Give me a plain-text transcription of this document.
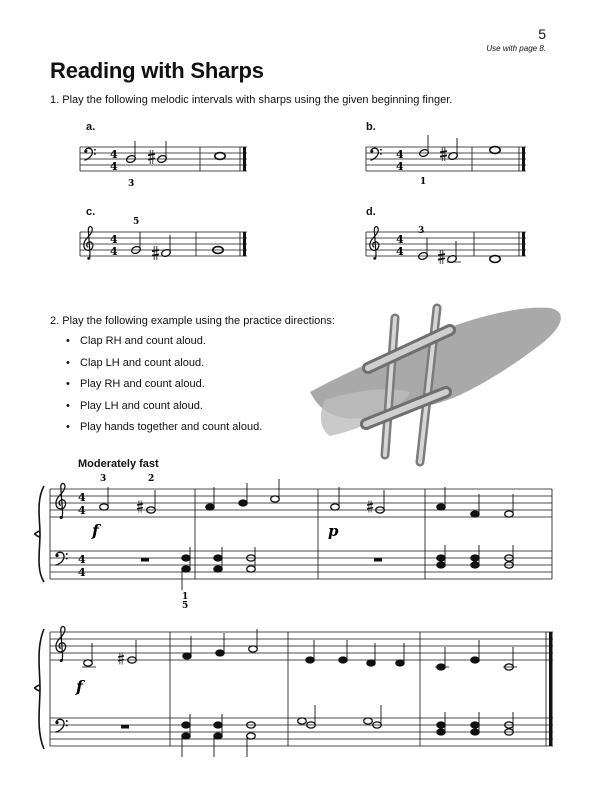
5
Use with page 8.
Reading with Sharps
1. Play the following melodic intervals with sharps using the given beginning finger.
a.	b.
c.	d.
2. Play the following example using the practice directions:
• Clap RH and count aloud.
• Clap LH and count aloud.
• Play RH and count aloud.
• Play LH and count aloud.
• Play hands together and count aloud.
Moderately fast
4
4
3
4
4
1
4
4
5
4
4
3
4
4
4
4
3	2
f	p
1
5
f
